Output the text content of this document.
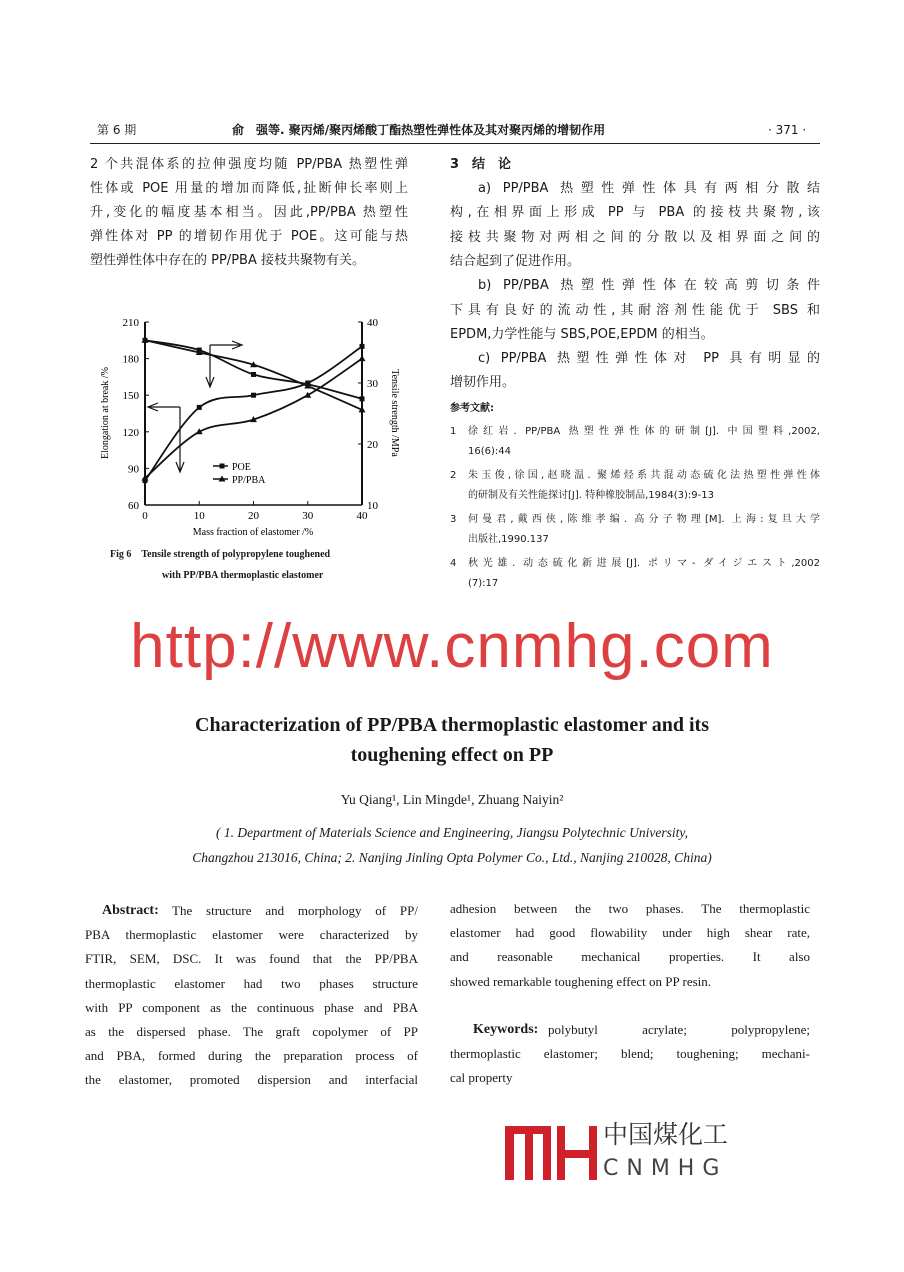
第 6 期	俞　强等. 聚丙烯/聚丙烯酸丁酯热塑性弹性体及其对聚丙烯的增韧作用	· 371 ·
2 个共混体系的拉伸强度均随 PP/PBA 热塑性弹
性体或 POE 用量的增加而降低,扯断伸长率则上
升,变化的幅度基本相当。因此,PP/PBA 热塑性
弹性体对 PP 的增韧作用优于 POE。这可能与热
塑性弹性体中存在的 PP/PBA 接枝共聚物有关。
3　结　论
a) PP/PBA 热塑性弹性体具有两相分散结
构,在相界面上形成 PP 与 PBA 的接枝共聚物,该
接枝共聚物对两相之间的分散以及相界面之间的
结合起到了促进作用。
b) PP/PBA 热塑性弹性体在较高剪切条件
下具有良好的流动性,其耐溶剂性能优于 SBS 和
EPDM,力学性能与 SBS,POE,EPDM 的相当。
c) PP/PBA 热塑性弹性体对 PP 具有明显的
增韧作用。
参考文献:
1 徐红岩. PP/PBA 热塑性弹性体的研制[J]. 中国塑料,2002,
16(6):44
2 朱玉俊,徐国,赵晓温. 聚烯烃系共混动态硫化法热塑性弹性体
的研制及有关性能探讨[J]. 特种橡胶制品,1984(3):9-13
3 何曼君,戴西侠,陈维孝编. 高分子物理[M]. 上海:复旦大学
出版社,1990.137
4 秋光雄. 动态硫化新进展[J]. ポリマ- ダイジエスト,2002
(7):17
0	10	20	30	40
60
90
120
150
180
210
10
20
30
40
Mass fraction of elastomer /%
Elongation at break /%	Tensile strength /MPa
POE
PP/PBA
Fig 6　Tensile strength of polypropylene toughened
with PP/PBA thermoplastic elastomer
http://www.cnmhg.com
Characterization of PP/PBA thermoplastic elastomer and its
toughening effect on PP
Yu Qiang¹, Lin Mingde¹, Zhuang Naiyin²
( 1. Department of Materials Science and Engineering, Jiangsu Polytechnic University,
Changzhou 213016, China; 2. Nanjing Jinling Opta Polymer Co., Ltd., Nanjing 210028, China)
Abstract: The structure and morphology of PP/
PBA thermoplastic elastomer were characterized by
FTIR, SEM, DSC. It was found that the PP/PBA
thermoplastic elastomer had two phases structure
with PP component as the continuous phase and PBA
as the dispersed phase. The graft copolymer of PP
and PBA, formed during the preparation process of
the elastomer, promoted dispersion and interfacial
adhesion between the two phases. The thermoplastic
elastomer had good flowability under high shear rate,
and reasonable mechanical properties. It also
showed remarkable toughening effect on PP resin.
Keywords: polybutyl acrylate; polypropylene;
thermoplastic elastomer; blend; toughening; mechani-
cal property
中国煤化工
CNMHG
